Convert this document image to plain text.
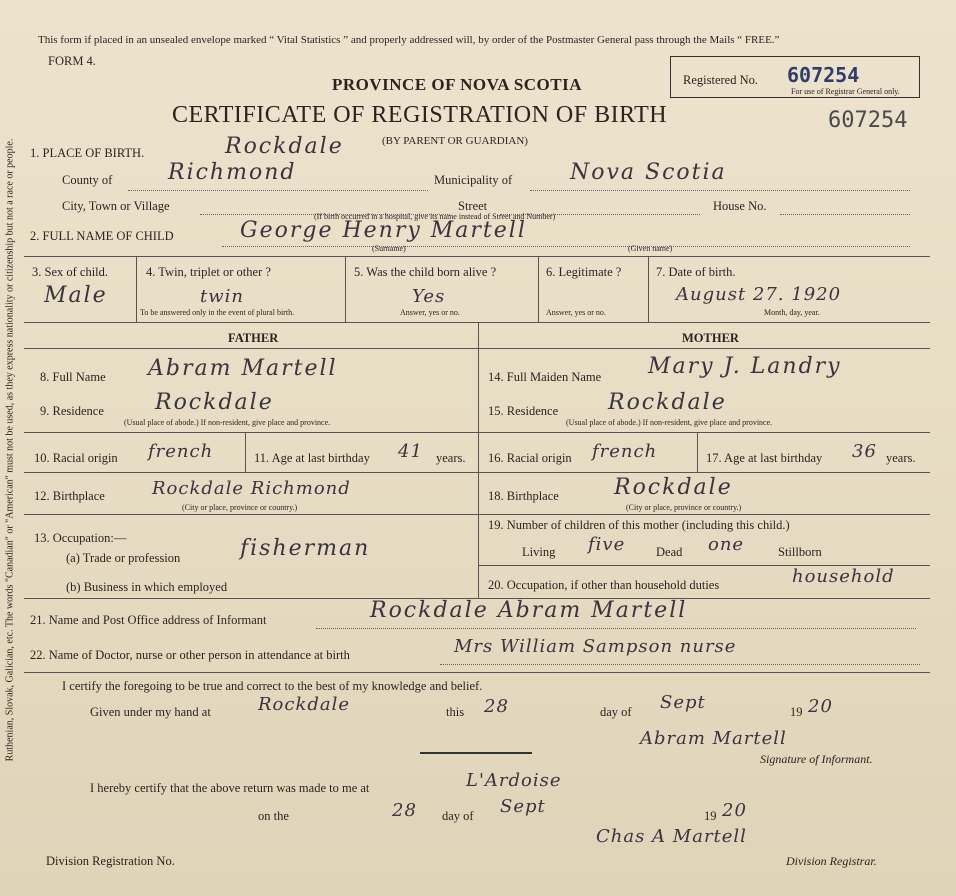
Ruthenian, Slovak, Galician, etc. The words "Canadian" or "American" must not be used, as they express nationality or citizenship but not a race or people.
This form if placed in an unsealed envelope marked “ Vital Statistics ” and properly addressed will, by order of the Postmaster General pass through the Mails “ FREE.”
FORM 4.
PROVINCE OF NOVA SCOTIA
CERTIFICATE OF REGISTRATION OF BIRTH
(BY PARENT OR GUARDIAN)
Registered No. 607254
For use of Registrar General only.
607254
1. PLACE OF BIRTH.	Rockdale
County of	Richmond	Municipality of	Nova Scotia
City, Town or Village	Street	House No.
(If birth occurred in a hospital, give its name instead of Street and Number)
2. FULL NAME OF CHILD	George Henry Martell
(Surname)	(Given name)
3. Sex of child.
Male
4. Twin, triplet or other ?
twin
To be answered only in the event of plural birth.
5. Was the child born alive ?
Yes
Answer, yes or no.
6. Legitimate ?
Answer, yes or no.
7. Date of birth.
August 27. 1920
Month, day, year.
FATHER	MOTHER
8. Full Name Abram Martell
9. Residence Rockdale
(Usual place of abode.) If non-resident, give place and province.
10. Racial origin french	11. Age at last birthday 41 years.
12. Birthplace	Rockdale Richmond
(City or place, province or country.)
13. Occupation:—
(a) Trade or profession	fisherman
(b) Business in which employed
14. Full Maiden Name Mary J. Landry
15. Residence Rockdale
(Usual place of abode.) If non-resident, give place and province.
16. Racial origin french	17. Age at last birthday 36 years.
18. Birthplace	Rockdale
(City or place, province or country.)
19. Number of children of this mother (including this child.)
Living five Dead one	Stillborn
20. Occupation, if other than household duties	household
21. Name and Post Office address of Informant	Rockdale Abram Martell
22. Name of Doctor, nurse or other person in attendance at birth	Mrs William Sampson nurse
I certify the foregoing to be true and correct to the best of my knowledge and belief.
Given under my hand at	Rockdale	this 28	day of Sept	19 20
Abram Martell
Signature of Informant.
I hereby certify that the above return was made to me at	L'Ardoise
on the	28 day of Sept	19 20
Chas A Martell
Division Registration No.	Division Registrar.
